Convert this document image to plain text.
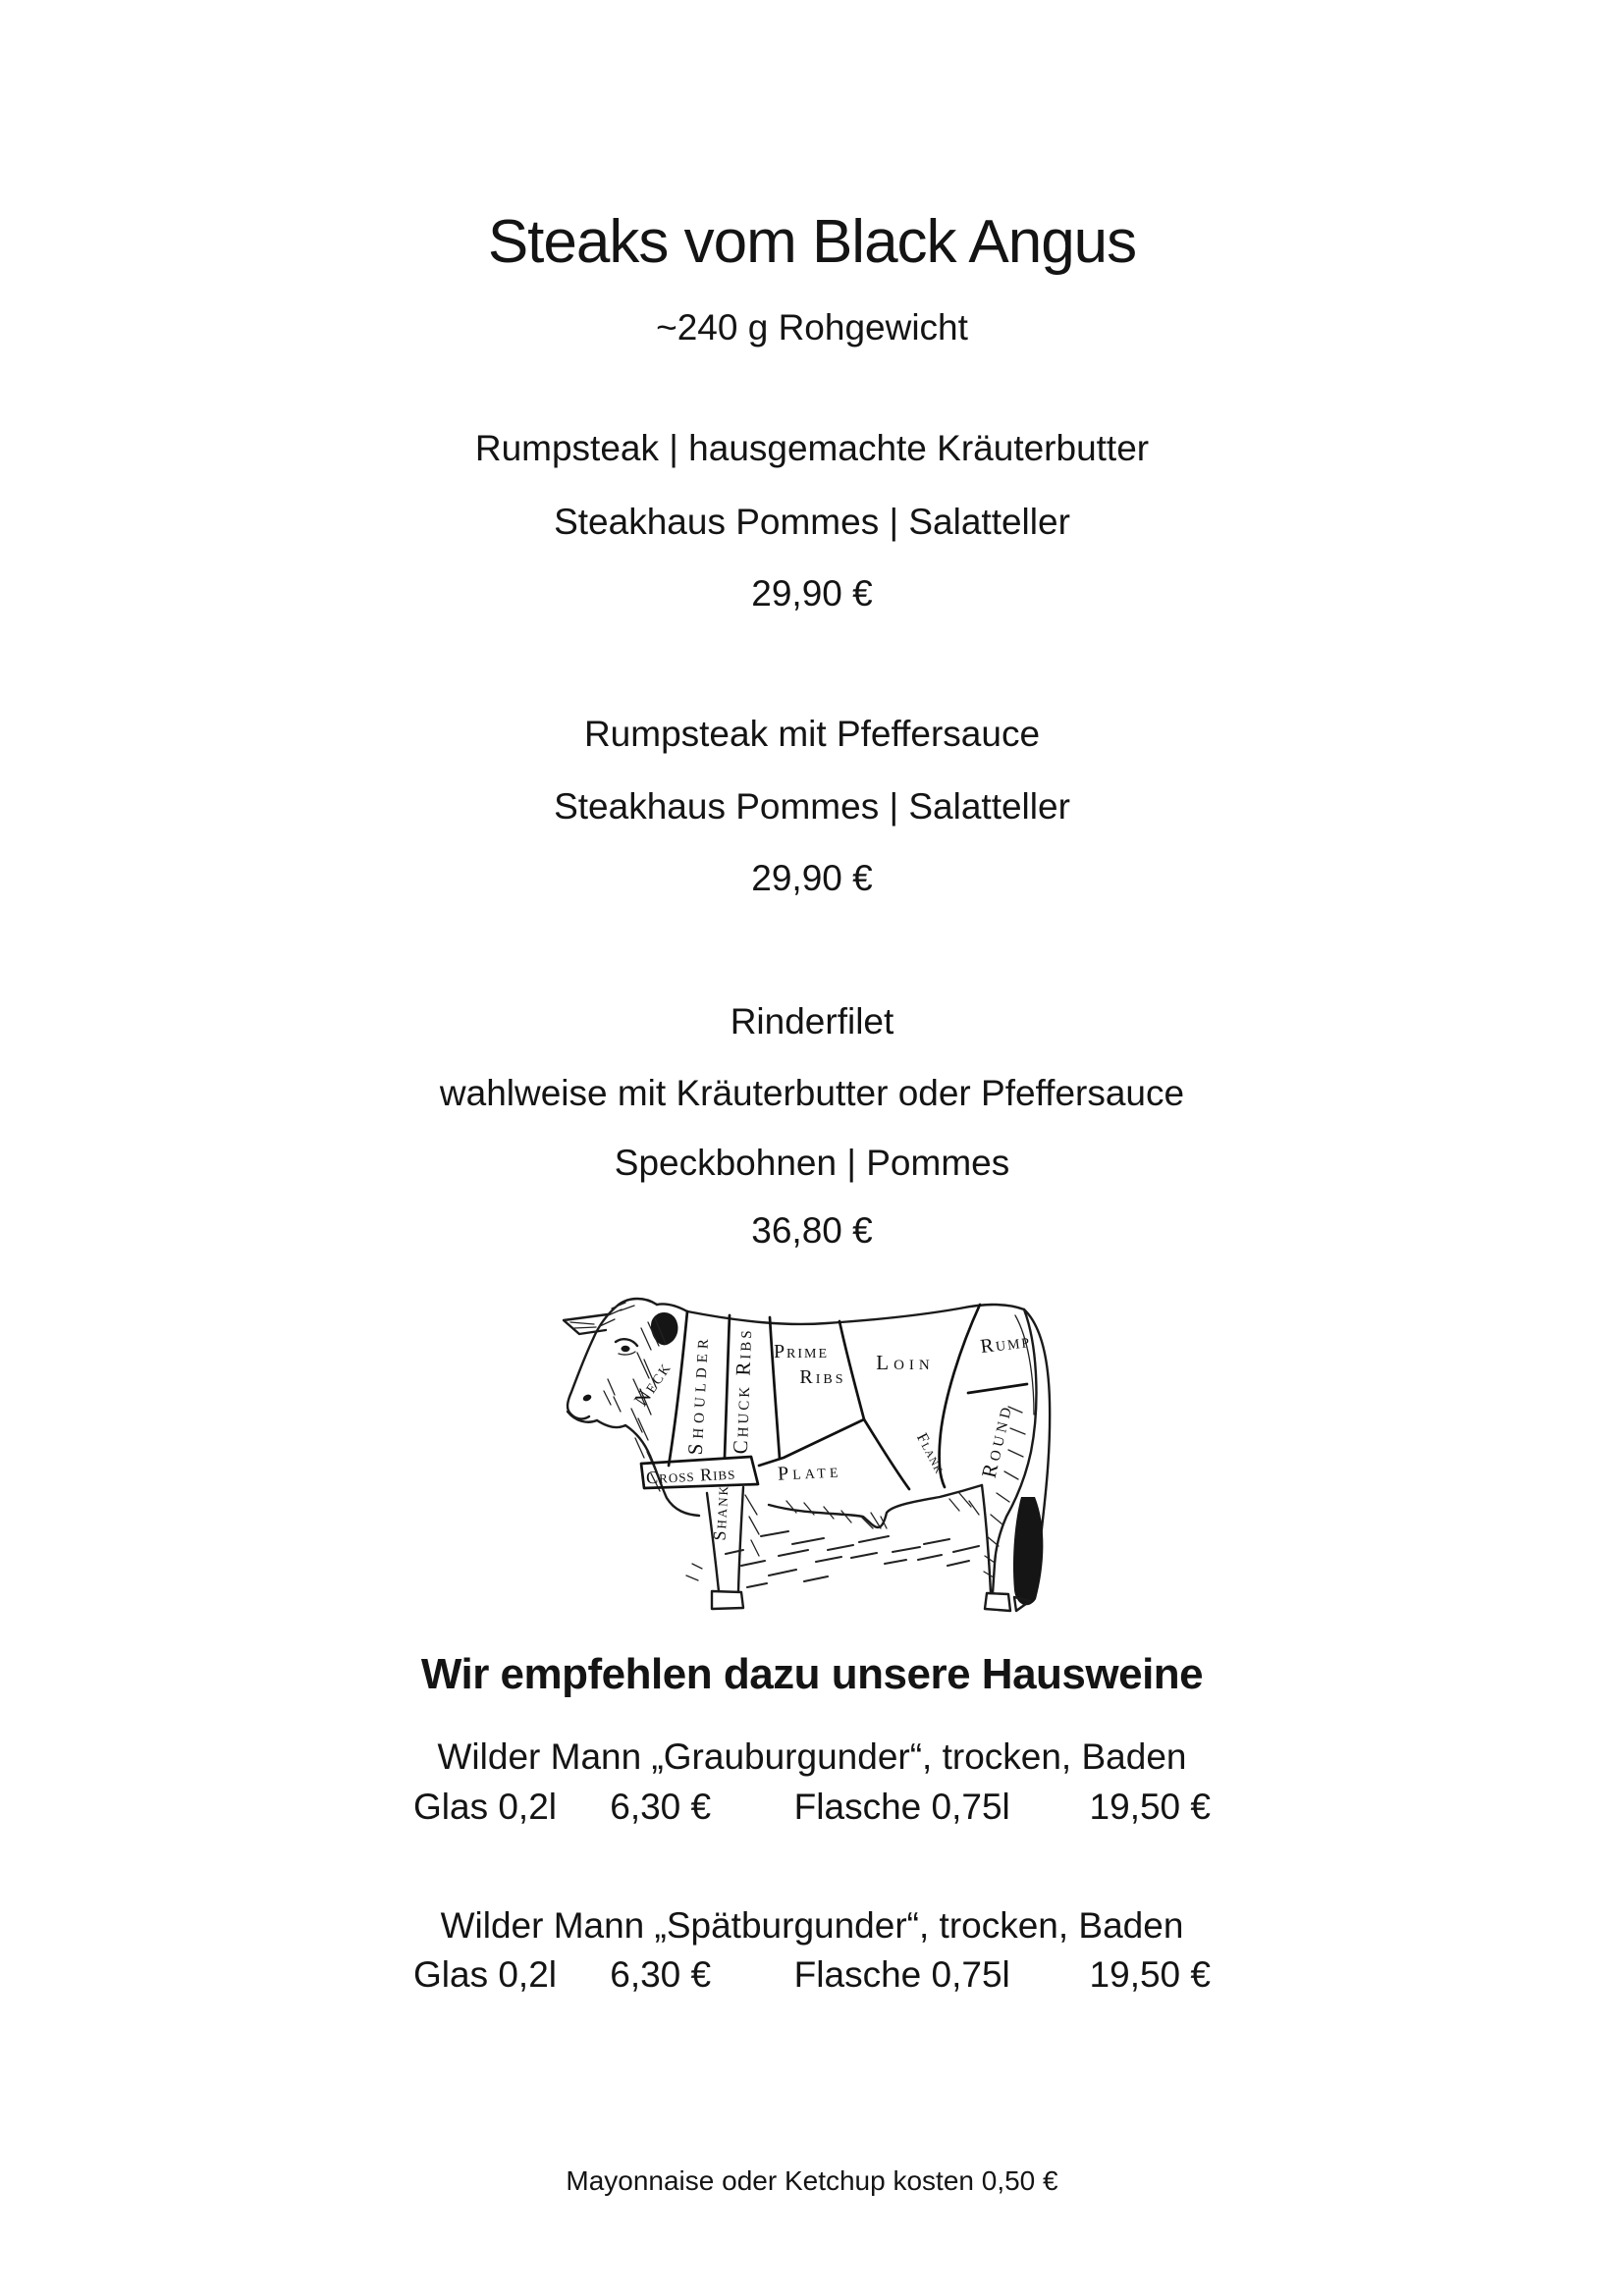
Steaks vom Black Angus
~240 g Rohgewicht
Rumpsteak | hausgemachte Kräuterbutter
Steakhaus Pommes | Salatteller
29,90 €
Rumpsteak mit Pfeffersauce
Steakhaus Pommes | Salatteller
29,90 €
Rinderfilet
wahlweise mit Kräuterbutter oder Pfeffersauce
Speckbohnen | Pommes
36,80 €
Neck Shoulder Chuck Ribs Prime
Ribs
Loin
Rump
Round
Plate	Flank
Cross Ribs
Shank
Wir empfehlen dazu unsere Hausweine
Wilder Mann „Grauburgunder“, trocken, Baden
Glas 0,2l	6,30 €	Flasche 0,75l	19,50 €
Wilder Mann „Spätburgunder“, trocken, Baden
Glas 0,2l	6,30 €	Flasche 0,75l	19,50 €
Mayonnaise oder Ketchup kosten 0,50 €
